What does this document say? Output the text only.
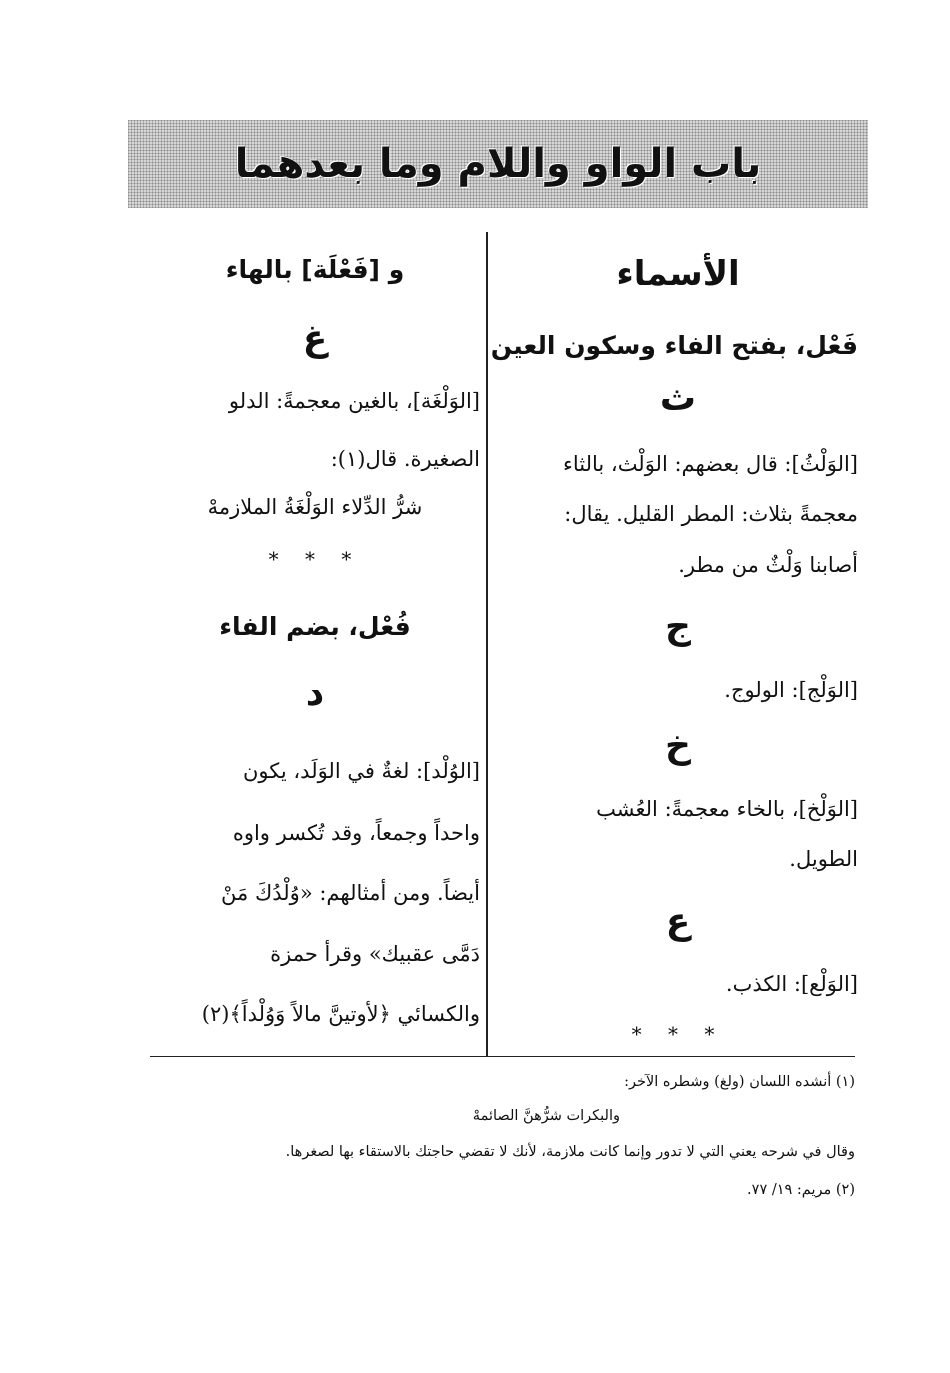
باب الواو واللام وما بعدهما
الأسماء
فَعْل، بفتح الفاء وسكون العين
ث
[الوَلْثُ]: قال بعضهم: الوَلْث، بالثاء
معجمةً بثلاث: المطر القليل. يقال:
أصابنا وَلْثٌ من مطر.
ج
[الوَلْج]: الولوج.
خ
[الوَلْخ]، بالخاء معجمةً: العُشب
الطويل.
ع
[الوَلْع]: الكذب.
* * *
و [فَعْلَة] بالهاء
غ
[الوَلْغَة]، بالغين معجمةً: الدلو
الصغيرة. قال(١):
شرُّ الدِّلاء الوَلْغَةُ الملازمهْ
* * *
فُعْل، بضم الفاء
د
[الوُلْد]: لغةٌ في الوَلَد، يكون
واحداً وجمعاً، وقد تُكسر واوه
أيضاً. ومن أمثالهم: «وُلْدُكَ مَنْ
دَمَّى عقبيك» وقرأ حمزة
والكسائي ﴿لأوتينَّ مالاً وَوُلْداً﴾(٢)
(١) أنشده اللسان (ولغ) وشطره الآخر:
والبكرات شرُّهنَّ الصائمهْ
وقال في شرحه يعني التي لا تدور وإنما كانت ملازمة، لأنك لا تقضي حاجتك بالاستقاء بها لصغرها.
(٢) مريم: ١٩/ ٧٧.
